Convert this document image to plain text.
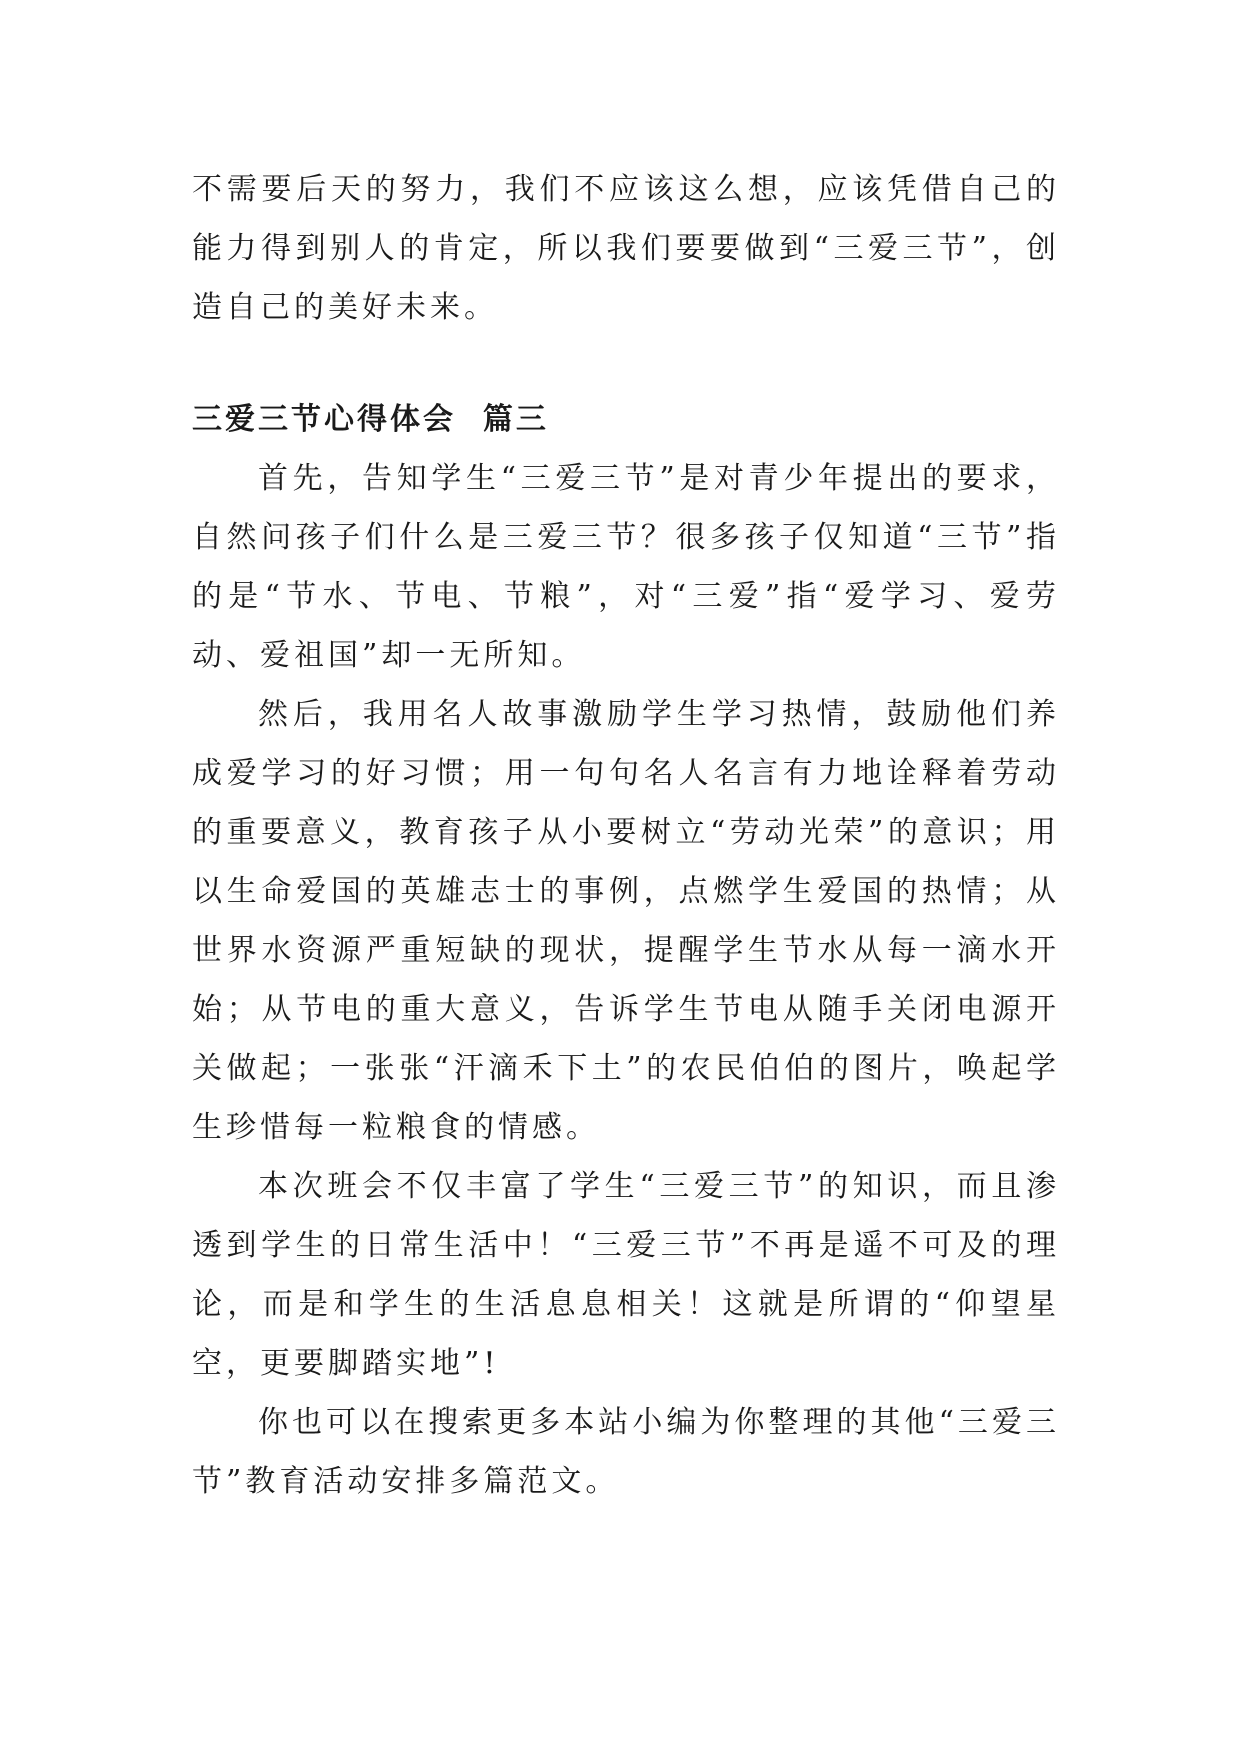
不需要后天的努力，我们不应该这么想，应该凭借自己的能力得到别人的肯定，所以我们要要做到“三爱三节”，创造自己的美好未来。

三爱三节心得体会  篇三

首先，告知学生“三爱三节”是对青少年提出的要求，自然问孩子们什么是三爱三节？很多孩子仅知道“三节”指的是“节水、节电、节粮”，对“三爱”指“爱学习、爱劳动、爱祖国”却一无所知。

然后，我用名人故事激励学生学习热情，鼓励他们养成爱学习的好习惯；用一句句名人名言有力地诠释着劳动的重要意义，教育孩子从小要树立“劳动光荣”的意识；用以生命爱国的英雄志士的事例，点燃学生爱国的热情；从世界水资源严重短缺的现状，提醒学生节水从每一滴水开始；从节电的重大意义，告诉学生节电从随手关闭电源开关做起；一张张“汗滴禾下土”的农民伯伯的图片，唤起学生珍惜每一粒粮食的情感。

本次班会不仅丰富了学生“三爱三节”的知识，而且渗透到学生的日常生活中！“三爱三节”不再是遥不可及的理论，而是和学生的生活息息相关！这就是所谓的“仰望星空，更要脚踏实地”!

你也可以在搜索更多本站小编为你整理的其他“三爱三节”教育活动安排多篇范文。
